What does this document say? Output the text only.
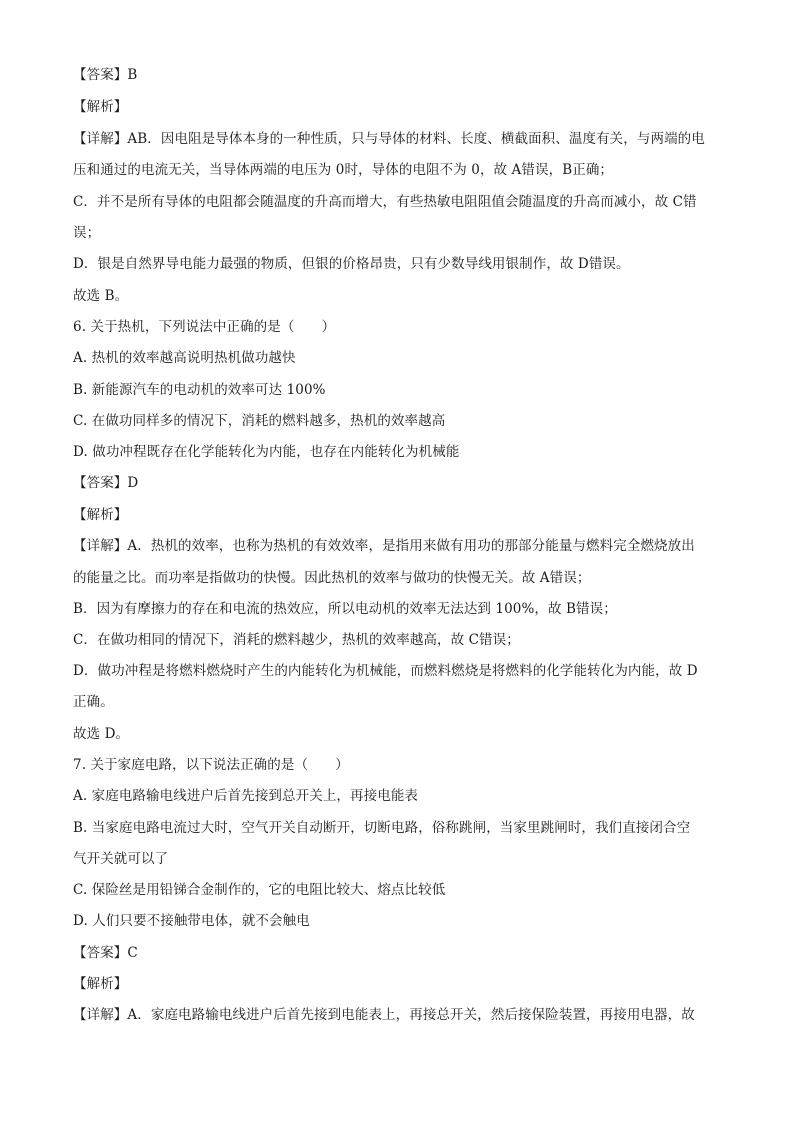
【答案】B
【解析】
【详解】AB．因电阻是导体本身的一种性质，只与导体的材料、长度、横截面积、温度有关，与两端的电
压和通过的电流无关，当导体两端的电压为 0时，导体的电阻不为 0，故 A错误，B正确；
C．并不是所有导体的电阻都会随温度的升高而增大，有些热敏电阻阻值会随温度的升高而减小，故 C错
误；
D．银是自然界导电能力最强的物质，但银的价格昂贵，只有少数导线用银制作，故 D错误。
故选 B。
6. 关于热机，下列说法中正确的是（　　）
A. 热机的效率越高说明热机做功越快
B. 新能源汽车的电动机的效率可达 100%
C. 在做功同样多的情况下，消耗的燃料越多，热机的效率越高
D. 做功冲程既存在化学能转化为内能，也存在内能转化为机械能
【答案】D
【解析】
【详解】A．热机的效率，也称为热机的有效效率，是指用来做有用功的那部分能量与燃料完全燃烧放出
的能量之比。而功率是指做功的快慢。因此热机的效率与做功的快慢无关。故 A错误；
B．因为有摩擦力的存在和电流的热效应，所以电动机的效率无法达到 100%，故 B错误；
C．在做功相同的情况下，消耗的燃料越少，热机的效率越高，故 C错误；
D．做功冲程是将燃料燃烧时产生的内能转化为机械能，而燃料燃烧是将燃料的化学能转化为内能，故 D
正确。
故选 D。
7. 关于家庭电路，以下说法正确的是（　　）
A. 家庭电路输电线进户后首先接到总开关上，再接电能表
B. 当家庭电路电流过大时，空气开关自动断开，切断电路，俗称跳闸，当家里跳闸时，我们直接闭合空
气开关就可以了
C. 保险丝是用铅锑合金制作的，它的电阻比较大、熔点比较低
D. 人们只要不接触带电体，就不会触电
【答案】C
【解析】
【详解】A．家庭电路输电线进户后首先接到电能表上，再接总开关，然后接保险装置，再接用电器，故
